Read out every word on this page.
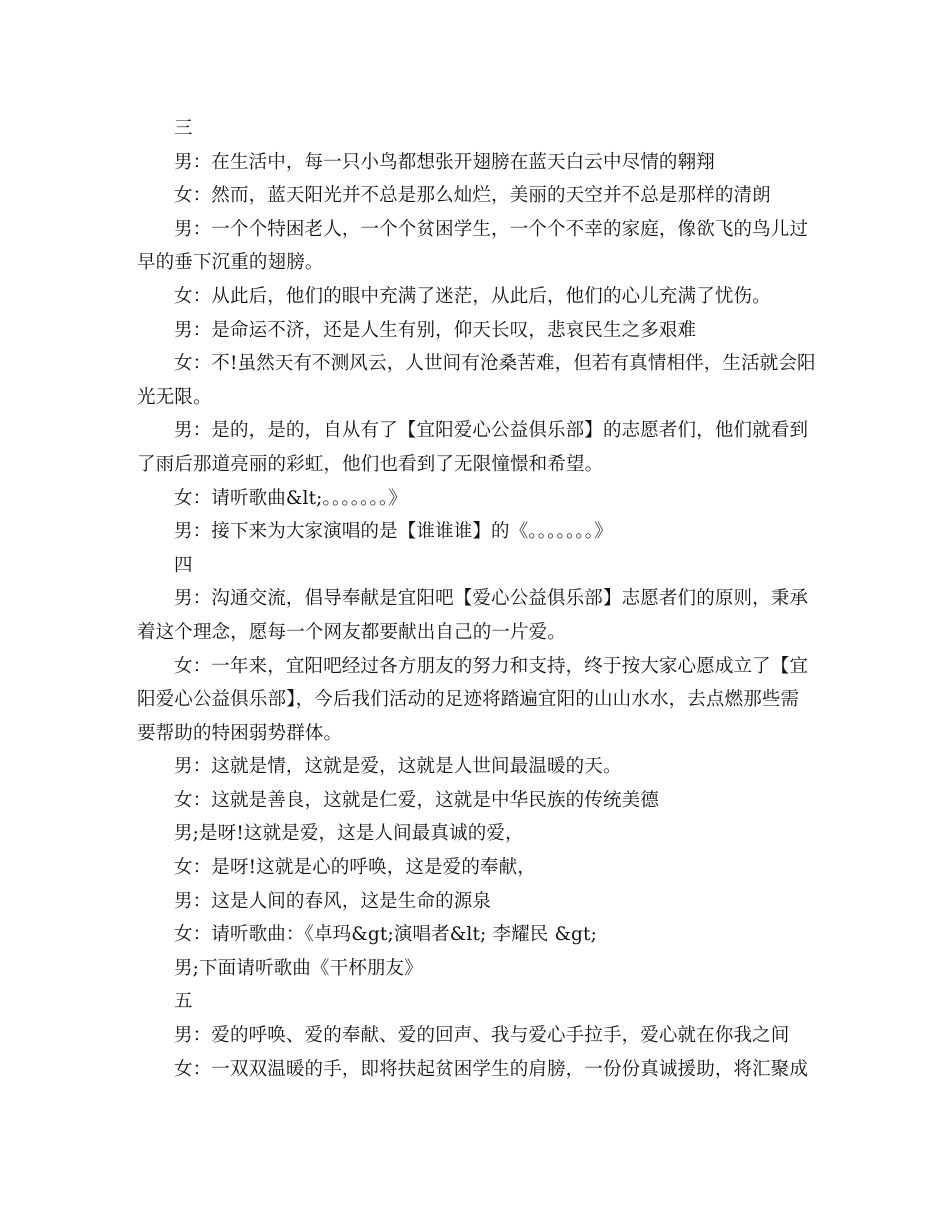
三

男：在生活中，每一只小鸟都想张开翅膀在蓝天白云中尽情的翱翔

女：然而，蓝天阳光并不总是那么灿烂，美丽的天空并不总是那样的清朗

男：一个个特困老人，一个个贫困学生，一个个不幸的家庭，像欲飞的鸟儿过早的垂下沉重的翅膀。

女：从此后，他们的眼中充满了迷茫，从此后，他们的心儿充满了忧伤。

男：是命运不济，还是人生有别，仰天长叹，悲哀民生之多艰难

女：不!虽然天有不测风云，人世间有沧桑苦难，但若有真情相伴，生活就会阳光无限。

男：是的，是的，自从有了【宜阳爱心公益俱乐部】的志愿者们，他们就看到了雨后那道亮丽的彩虹，他们也看到了无限憧憬和希望。

女：请听歌曲&lt;。。。。。。。》

男：接下来为大家演唱的是【谁谁谁】的《。。。。。。。》

四

男：沟通交流，倡导奉献是宜阳吧【爱心公益俱乐部】志愿者们的原则，秉承着这个理念，愿每一个网友都要献出自己的一片爱。

女：一年来，宜阳吧经过各方朋友的努力和支持，终于按大家心愿成立了【宜阳爱心公益俱乐部】，今后我们活动的足迹将踏遍宜阳的山山水水，去点燃那些需要帮助的特困弱势群体。

男：这就是情，这就是爱，这就是人世间最温暖的天。

女：这就是善良，这就是仁爱，这就是中华民族的传统美德

男;是呀!这就是爱，这是人间最真诚的爱，

女：是呀!这就是心的呼唤，这是爱的奉献，

男：这是人间的春风，这是生命的源泉

女：请听歌曲：《卓玛&gt;演唱者&lt; 李耀民 &gt;

男;下面请听歌曲《干杯朋友》

五

男：爱的呼唤、爱的奉献、爱的回声、我与爱心手拉手，爱心就在你我之间

女：一双双温暖的手，即将扶起贫困学生的肩膀，一份份真诚援助，将汇聚成
